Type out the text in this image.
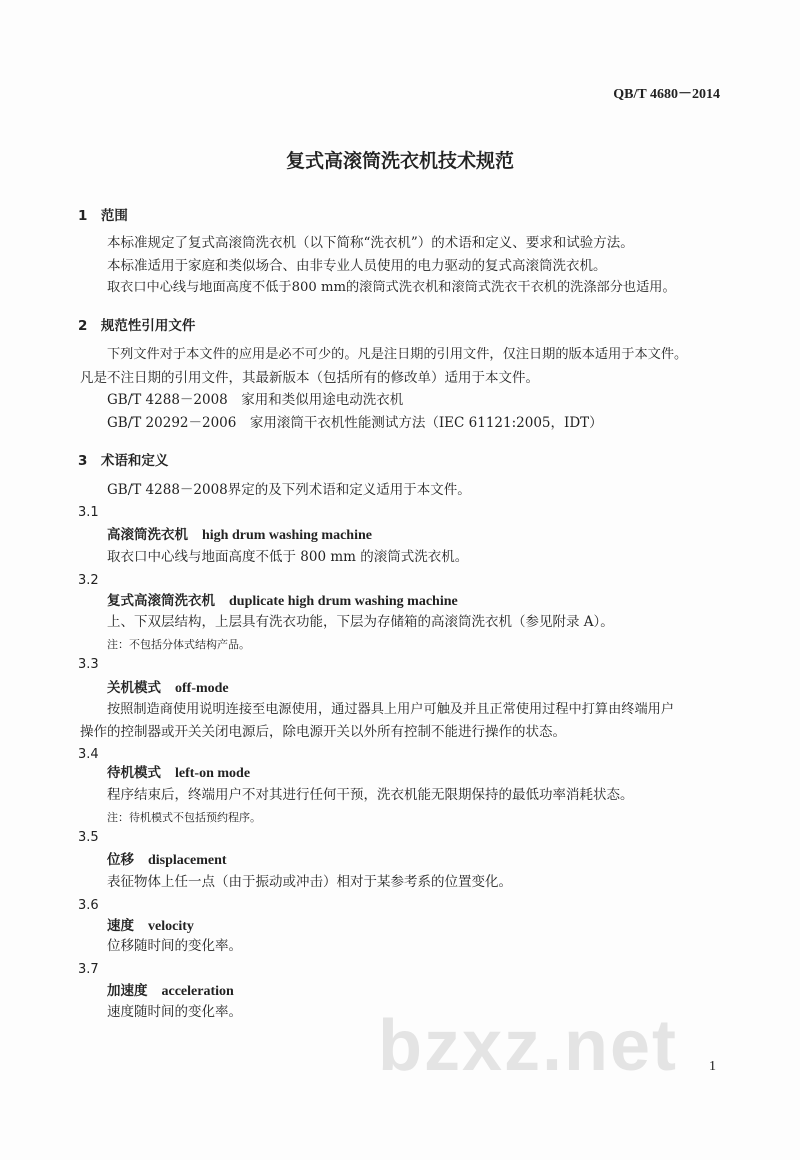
QB/T 4680－2014
复式高滚筒洗衣机技术规范
1　范围
本标准规定了复式高滚筒洗衣机（以下简称“洗衣机”）的术语和定义、要求和试验方法。
本标准适用于家庭和类似场合、由非专业人员使用的电力驱动的复式高滚筒洗衣机。
取衣口中心线与地面高度不低于800 mm的滚筒式洗衣机和滚筒式洗衣干衣机的洗涤部分也适用。
2　规范性引用文件
下列文件对于本文件的应用是必不可少的。凡是注日期的引用文件，仅注日期的版本适用于本文件。
凡是不注日期的引用文件，其最新版本（包括所有的修改单）适用于本文件。
GB/T 4288－2008　家用和类似用途电动洗衣机
GB/T 20292－2006　家用滚筒干衣机性能测试方法（IEC 61121:2005，IDT）
3　术语和定义
GB/T 4288－2008界定的及下列术语和定义适用于本文件。
3.1
高滚筒洗衣机 high drum washing machine
取衣口中心线与地面高度不低于 800 mm 的滚筒式洗衣机。
3.2
复式高滚筒洗衣机 duplicate high drum washing machine
上、下双层结构，上层具有洗衣功能，下层为存储箱的高滚筒洗衣机（参见附录 A）。
注：不包括分体式结构产品。
3.3
关机模式 off-mode
按照制造商使用说明连接至电源使用，通过器具上用户可触及并且正常使用过程中打算由终端用户
操作的控制器或开关关闭电源后，除电源开关以外所有控制不能进行操作的状态。
3.4
待机模式 left-on mode
程序结束后，终端用户不对其进行任何干预，洗衣机能无限期保持的最低功率消耗状态。
注：待机模式不包括预约程序。
3.5
位移 displacement
表征物体上任一点（由于振动或冲击）相对于某参考系的位置变化。
3.6
速度 velocity
位移随时间的变化率。
3.7
加速度 acceleration
速度随时间的变化率。 bzxz.net 1
